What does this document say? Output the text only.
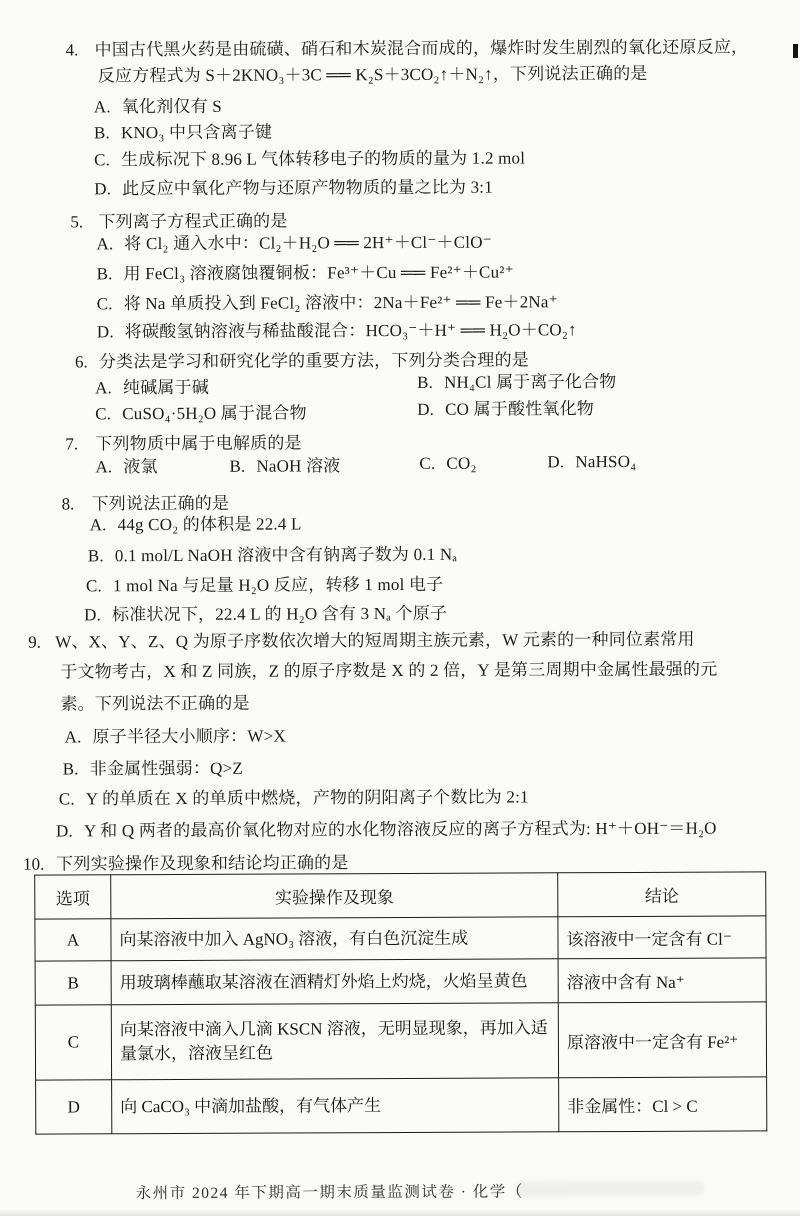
4. 中国古代黑火药是由硫磺、硝石和木炭混合而成的，爆炸时发生剧烈的氧化还原反应，
反应方程式为 S＋2KNO₃＋3C ══ K₂S＋3CO₂↑＋N₂↑，下列说法正确的是
A. 氧化剂仅有 S
B. KNO₃ 中只含离子键
C. 生成标况下 8.96 L 气体转移电子的物质的量为 1.2 mol
D. 此反应中氧化产物与还原产物物质的量之比为 3:1
5. 下列离子方程式正确的是
A. 将 Cl₂ 通入水中：Cl₂＋H₂O ══ 2H⁺＋Cl⁻＋ClO⁻
B. 用 FeCl₃ 溶液腐蚀覆铜板：Fe³⁺＋Cu ══ Fe²⁺＋Cu²⁺
C. 将 Na 单质投入到 FeCl₂ 溶液中：2Na＋Fe²⁺ ══ Fe＋2Na⁺
D. 将碳酸氢钠溶液与稀盐酸混合：HCO₃⁻＋H⁺ ══ H₂O＋CO₂↑
6. 分类法是学习和研究化学的重要方法，下列分类合理的是
A. 纯碱属于碱	B. NH₄Cl 属于离子化合物
C. CuSO₄·5H₂O 属于混合物	D. CO 属于酸性氧化物
7. 下列物质中属于电解质的是
A. 液氯	B. NaOH 溶液	C. CO₂	D. NaHSO₄
8. 下列说法正确的是
A. 44g CO₂ 的体积是 22.4 L
B. 0.1 mol/L NaOH 溶液中含有钠离子数为 0.1 Nₐ
C. 1 mol Na 与足量 H₂O 反应，转移 1 mol 电子
D. 标准状况下，22.4 L 的 H₂O 含有 3 Nₐ 个原子
9. W、X、Y、Z、Q 为原子序数依次增大的短周期主族元素，W 元素的一种同位素常用
于文物考古，X 和 Z 同族，Z 的原子序数是 X 的 2 倍，Y 是第三周期中金属性最强的元
素。下列说法不正确的是
A. 原子半径大小顺序：W>X
B. 非金属性强弱：Q>Z
C. Y 的单质在 X 的单质中燃烧，产物的阴阳离子个数比为 2:1
D. Y 和 Q 两者的最高价氧化物对应的水化物溶液反应的离子方程式为: H⁺＋OH⁻＝H₂O
10. 下列实验操作及现象和结论均正确的是
选项	实验操作及现象	结论
A	向某溶液中加入 AgNO₃ 溶液，有白色沉淀生成	该溶液中一定含有 Cl⁻
B	用玻璃棒蘸取某溶液在酒精灯外焰上灼烧，火焰呈黄色	溶液中含有 Na⁺
C	向某溶液中滴入几滴 KSCN 溶液，无明显现象，再加入适量氯水，溶液呈红色	原溶液中一定含有 Fe²⁺
D	向 CaCO₃ 中滴加盐酸，有气体产生	非金属性：Cl > C
永州市 2024 年下期高一期末质量监测试卷 · 化学（
